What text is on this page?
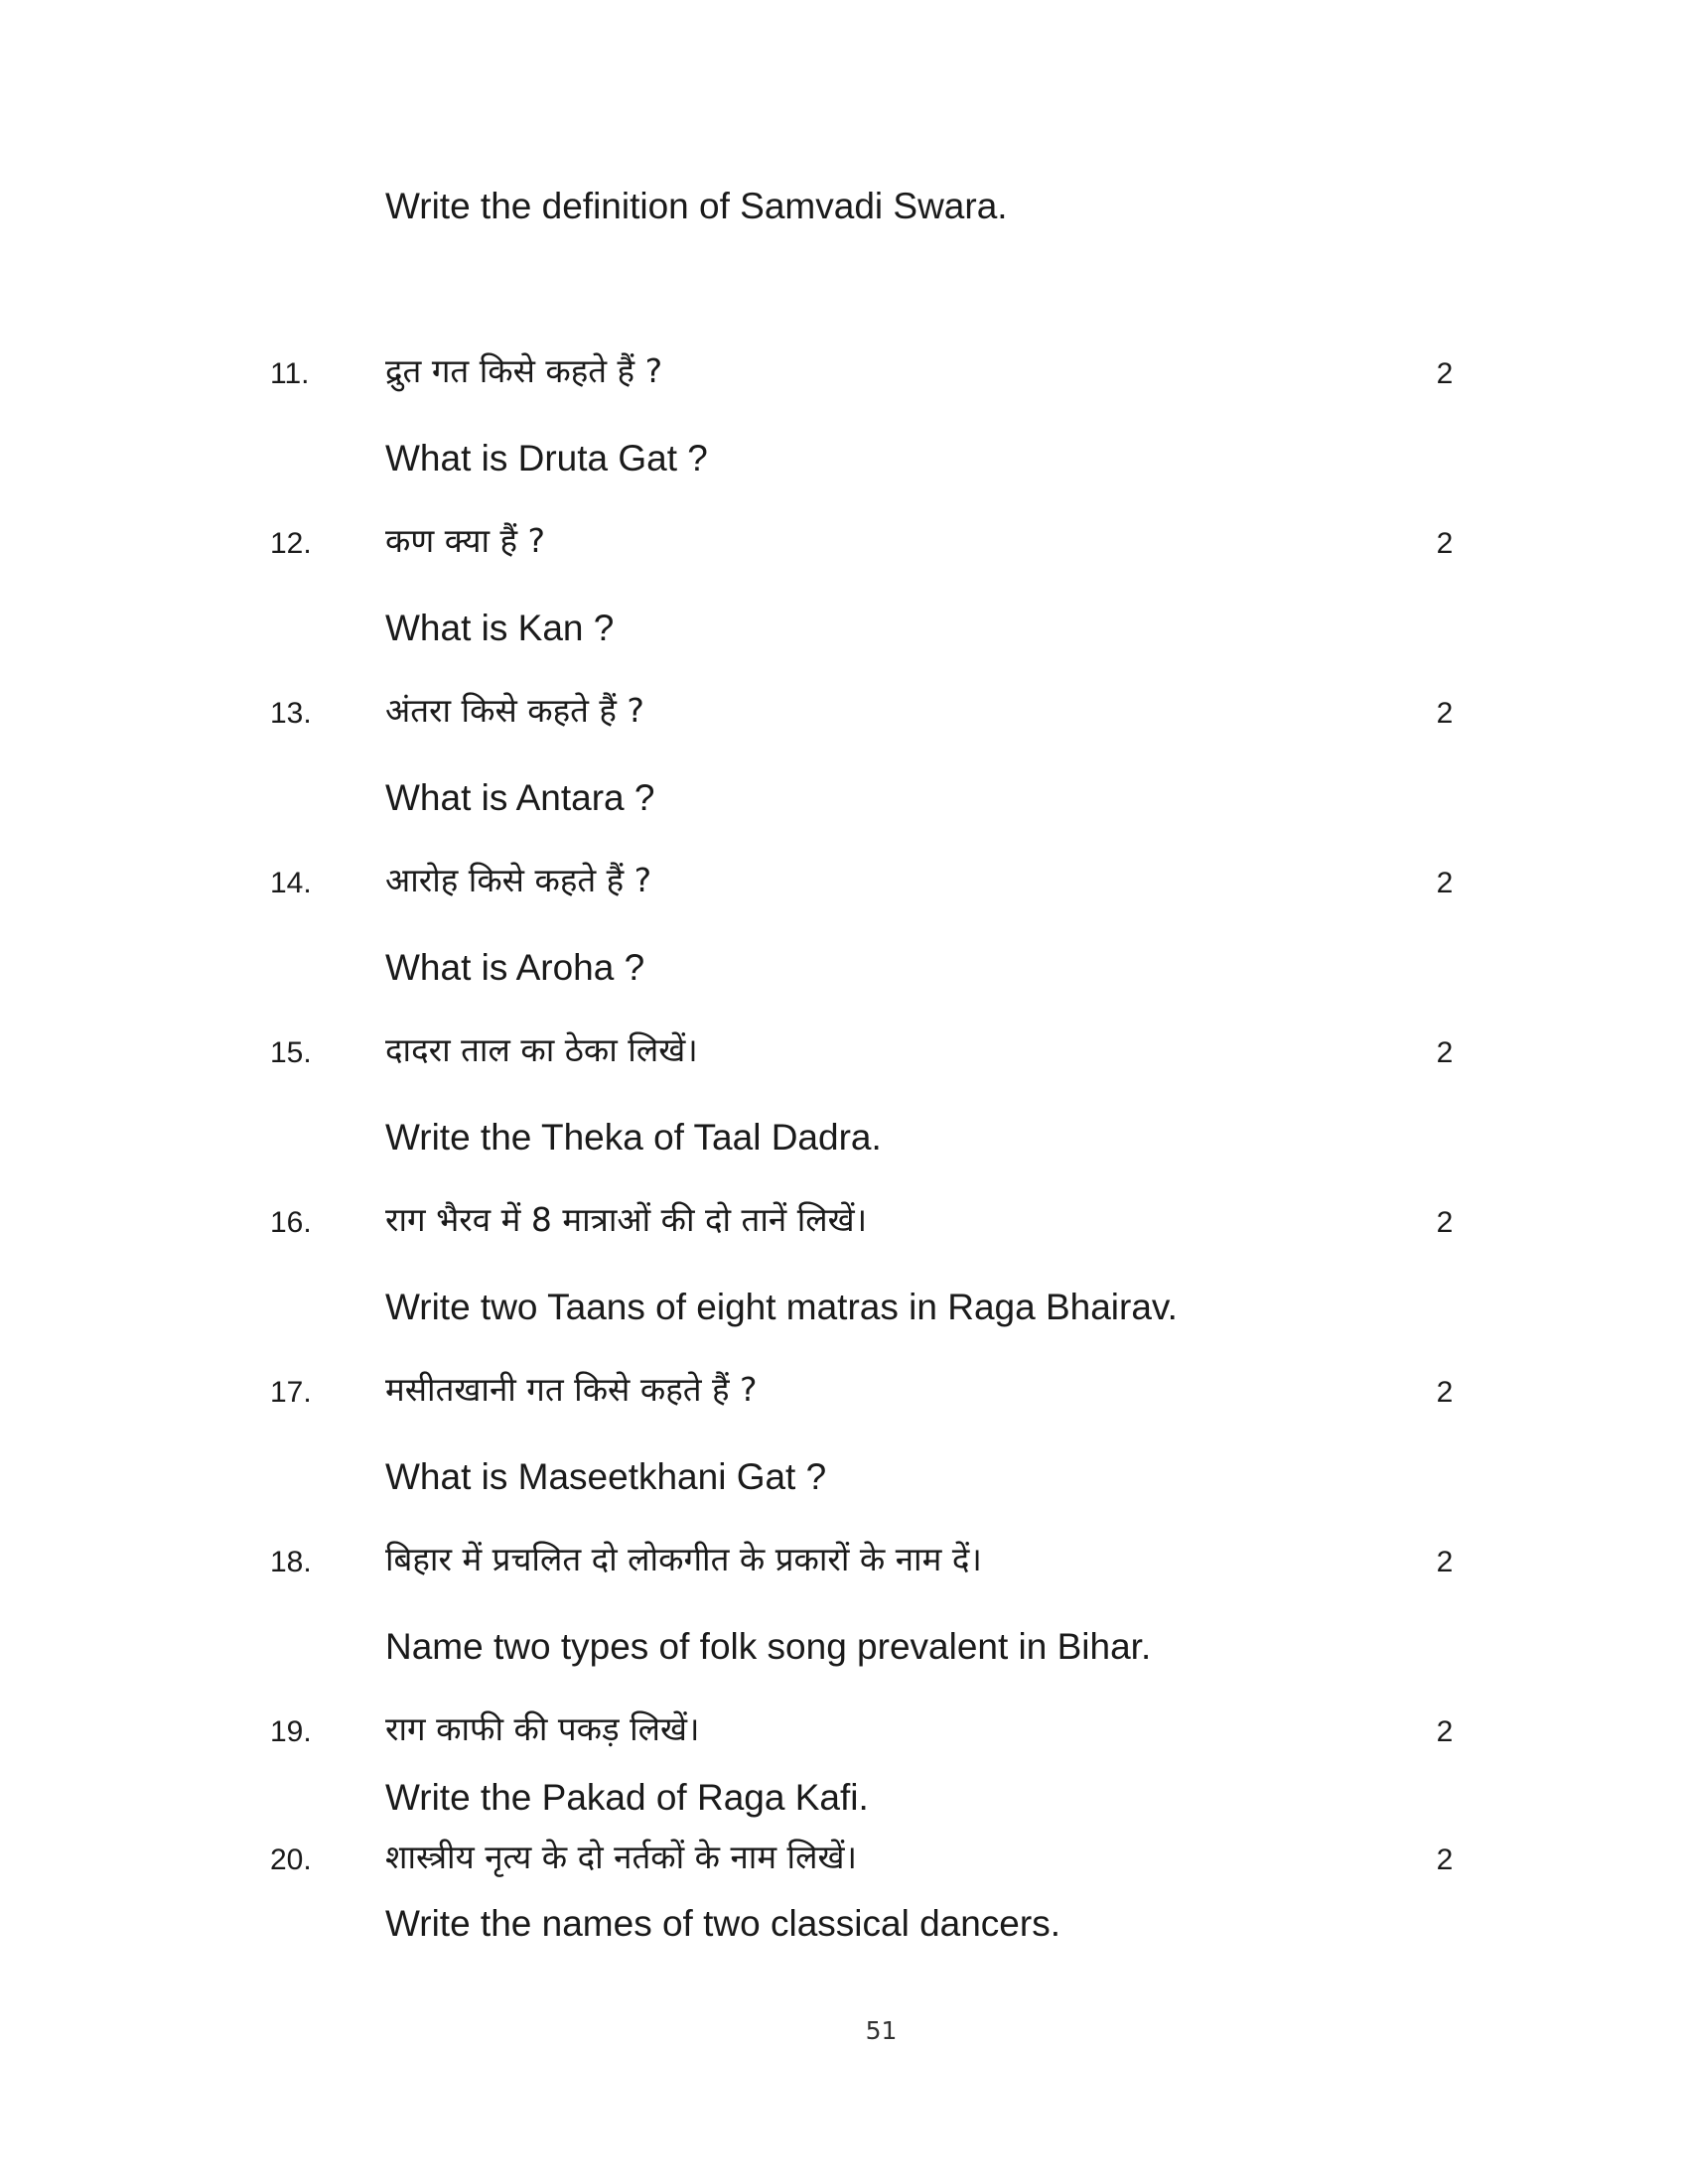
Write the definition of Samvadi Swara.
11. द्रुत गत किसे कहते हैं ?	2
What is Druta Gat ?
12. कण क्या हैं ?	2
What is Kan ?
13. अंतरा किसे कहते हैं ?	2
What is Antara ?
14. आरोह किसे कहते हैं ?	2
What is Aroha ?
15. दादरा ताल का ठेका लिखें।	2
Write the Theka of Taal Dadra.
16. राग भैरव में 8 मात्राओं की दो तानें लिखें।	2
Write two Taans of eight matras in Raga Bhairav.
17. मसीतखानी गत किसे कहते हैं ?	2
What is Maseetkhani Gat ?
18. बिहार में प्रचलित दो लोकगीत के प्रकारों के नाम दें।	2
Name two types of folk song prevalent in Bihar.
19. राग काफी की पकड़ लिखें।	2
Write the Pakad of Raga Kafi.
20. शास्त्रीय नृत्य के दो नर्तकों के नाम लिखें।	2
Write the names of two classical dancers.
51
